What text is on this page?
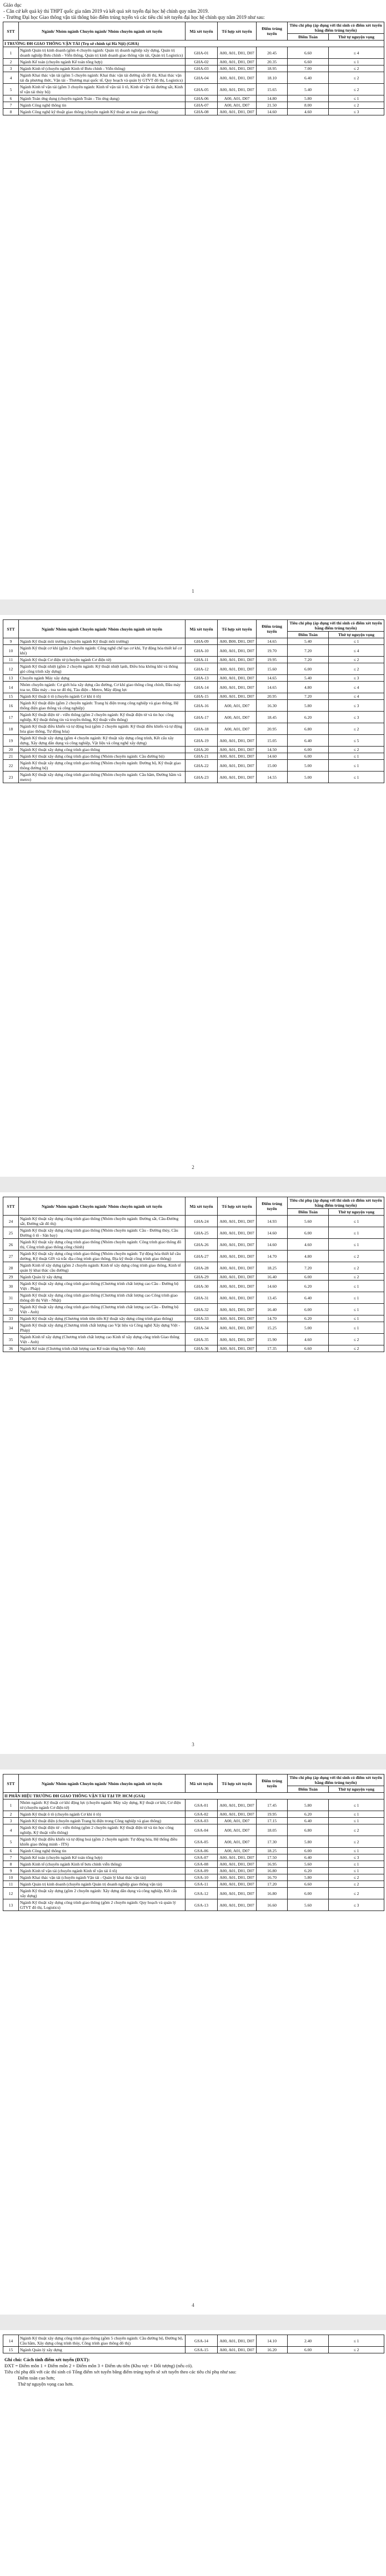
Giáo dục

- Căn cứ kết quả kỳ thi THPT quốc gia năm 2019 và kết quả xét tuyển đại học hệ chính quy năm 2019.

- Trường Đại học Giao thông vận tải thông báo điểm trúng tuyển và các tiêu chí xét tuyển đại học hệ chính quy năm 2019 như sau:

STT	Ngành/ Nhóm ngành Chuyên ngành/ Nhóm chuyên ngành xét tuyển	Mã xét tuyển	Tổ hợp xét tuyển	Điểm trúng tuyển	Tiêu chí phụ (áp dụng với thí sinh có điểm xét tuyển bằng điểm trúng tuyển)	
					Điểm Toán	Thứ tự nguyện vọng
I TRƯỜNG ĐH GIAO THÔNG VẬN TẢI (Trụ sở chính tại Hà Nội) (GHA)						
1	Ngành Quản trị kinh doanh (gồm 4 chuyên ngành: Quản trị doanh nghiệp xây dựng, Quản trị doanh nghiệp Bưu chính - Viễn thông, Quản trị kinh doanh giao thông vận tải, Quản trị Logistics)	GHA-01	A00, A01, D01, D07	20.45	6.60	≤ 4
2	Ngành Kế toán (chuyên ngành Kế toán tổng hợp)	GHA-02	A00, A01, D01, D07	20.35	6.60	≤ 1
3	Ngành Kinh tế (chuyên ngành Kinh tế Bưu chính - Viễn thông)	GHA-03	A00, A01, D01, D07	18.95	7.00	≤ 2
4	Ngành Khai thác vận tải (gồm 5 chuyên ngành: Khai thác vận tải đường sắt đô thị, Khai thác vận tải đa phương thức, Vận tải - Thương mại quốc tế, Quy hoạch và quản lý GTVT đô thị, Logistics)	GHA-04	A00, A01, D01, D07	18.10	6.40	≤ 2
5	Ngành Kinh tế vận tải (gồm 3 chuyên ngành: Kinh tế vận tải ô tô, Kinh tế vận tải đường sắt, Kinh tế vận tải thủy bộ)	GHA-05	A00, A01, D01, D07	15.65	5.40	≤ 2
6	Ngành Toán ứng dụng (chuyên ngành Toán - Tin ứng dụng)	GHA-06	A00, A01, D07	14.80	5.80	≤ 1
7	Ngành Công nghệ thông tin	GHA-07	A00, A01, D07	21.50	8.00	≤ 2
8	Ngành Công nghệ kỹ thuật giao thông (chuyên ngành Kỹ thuật an toàn giao thông)	GHA-08	A00, A01, D01, D07	14.60	4.60	≤ 3
1
STT	Ngành/ Nhóm ngành Chuyên ngành/ Nhóm chuyên ngành xét tuyển	Mã xét tuyển	Tổ hợp xét tuyển	Điểm trúng tuyển	Tiêu chí phụ (áp dụng với thí sinh có điểm xét tuyển bằng điểm trúng tuyển)	
					Điểm Toán	Thứ tự nguyện vọng
9	Ngành Kỹ thuật môi trường (chuyên ngành Kỹ thuật môi trường)	GHA-09	A00, B00, D01, D07	14.65	5.40	≤ 1
10	Ngành Kỹ thuật cơ khí (gồm 2 chuyên ngành: Công nghệ chế tạo cơ khí, Tự động hóa thiết kế cơ khí)	GHA-10	A00, A01, D01, D07	19.70	7.20	≤ 4
11	Ngành Kỹ thuật Cơ điện tử (chuyên ngành Cơ điện tử)	GHA-11	A00, A01, D01, D07	19.95	7.20	≤ 2
12	Ngành Kỹ thuật nhiệt (gồm 2 chuyên ngành: Kỹ thuật nhiệt lạnh, Điều hòa không khí và thông gió công trình xây dựng)	GHA-12	A00, A01, D01, D07	15.60	6.00	≤ 2
13	Chuyên ngành Máy xây dựng	GHA-13	A00, A01, D01, D07	14.65	5.40	≤ 3
14	Nhóm chuyên ngành: Cơ giới hóa xây dựng cầu đường, Cơ khí giao thông công chính, Đầu máy toa xe, Đầu máy - toa xe đô thị, Tàu điện - Metro, Máy động lực	GHA-14	A00, A01, D01, D07	14.65	4.80	≤ 4
15	Ngành Kỹ thuật ô tô (chuyên ngành Cơ khí ô tô)	GHA-15	A00, A01, D01, D07	20.95	7.20	≤ 4
16	Ngành Kỹ thuật điện (gồm 2 chuyên ngành: Trang bị điện trong công nghiệp và giao thông, Hệ thống điện giao thông và công nghiệp)	GHA-16	A00, A01, D07	16.30	5.80	≤ 3
17	Ngành Kỹ thuật điện tử - viễn thông (gồm 2 chuyên ngành: Kỹ thuật điện tử và tin học công nghiệp, Kỹ thuật thông tin và truyền thông, Kỹ thuật viễn thông)	GHA-17	A00, A01, D07	18.45	6.20	≤ 3
18	Ngành Kỹ thuật điều khiển và tự động hoá (gồm 2 chuyên ngành: Kỹ thuật điều khiển và tự động hóa giao thông, Tự động hóa)	GHA-18	A00, A01, D07	20.95	6.80	≤ 2
19	Ngành Kỹ thuật xây dựng (gồm 4 chuyên ngành: Kỹ thuật xây dựng công trình, Kết cấu xây dựng, Xây dựng dân dụng và công nghiệp, Vật liệu và công nghệ xây dựng)	GHA-19	A00, A01, D01, D07	15.05	6.40	≤ 5
20	Ngành Kỹ thuật xây dựng công trình giao thông	GHA-20	A00, A01, D01, D07	14.50	6.00	≤ 2
21	Ngành Kỹ thuật xây dựng công trình giao thông (Nhóm chuyên ngành: Cầu đường bộ)	GHA-21	A00, A01, D01, D07	14.60	6.00	≤ 1
22	Ngành Kỹ thuật xây dựng công trình giao thông (Nhóm chuyên ngành: Đường bộ, Kỹ thuật giao thông đường bộ)	GHA-22	A00, A01, D01, D07	15.00	5.00	≤ 1
23	Ngành Kỹ thuật xây dựng công trình giao thông (Nhóm chuyên ngành: Cầu hầm, Đường hầm và metro)	GHA-23	A00, A01, D01, D07	14.55	5.00	≤ 1
2
STT	Ngành/ Nhóm ngành Chuyên ngành/ Nhóm chuyên ngành xét tuyển	Mã xét tuyển	Tổ hợp xét tuyển	Điểm trúng tuyển	Tiêu chí phụ (áp dụng với thí sinh có điểm xét tuyển bằng điểm trúng tuyển)	
					Điểm Toán	Thứ tự nguyện vọng
24	Ngành Kỹ thuật xây dựng công trình giao thông (Nhóm chuyên ngành: Đường sắt, Cầu-Đường sắt, Đường sắt đô thị)	GHA-24	A00, A01, D01, D07	14.93	5.60	≤ 1
25	Ngành Kỹ thuật xây dựng công trình giao thông (Nhóm chuyên ngành: Cầu - Đường thủy, Cầu Đường ô tô - Sân bay)	GHA-25	A00, A01, D01, D07	14.60	6.00	≤ 1
26	Ngành Kỹ thuật xây dựng công trình giao thông (Nhóm chuyên ngành: Công trình giao thông đô thị, Công trình giao thông công chính)	GHA-26	A00, A01, D01, D07	14.60	4.60	≤ 1
27	Ngành Kỹ thuật xây dựng công trình giao thông (Nhóm chuyên ngành: Tự động hóa thiết kế cầu đường, Kỹ thuật GIS và trắc địa công trình giao thông, Địa kỹ thuật công trình giao thông)	GHA-27	A00, A01, D01, D07	14.70	4.80	≤ 2
28	Ngành Kinh tế xây dựng (gồm 2 chuyên ngành: Kinh tế xây dựng công trình giao thông, Kinh tế quản lý khai thác cầu đường)	GHA-28	A00, A01, D01, D07	18.25	7.20	≤ 2
29	Ngành Quản lý xây dựng	GHA-29	A00, A01, D01, D07	16.40	6.00	≤ 2
30	Ngành Kỹ thuật xây dựng công trình giao thông (Chương trình chất lượng cao Cầu - Đường bộ Việt - Pháp)	GHA-30	A00, A01, D01, D07	14.60	6.20	≤ 1
31	Ngành Kỹ thuật xây dựng công trình giao thông (Chương trình chất lượng cao Công trình giao thông đô thị Việt - Nhật)	GHA-31	A00, A01, D01, D07	13.45	6.40	≤ 1
32	Ngành Kỹ thuật xây dựng công trình giao thông (Chương trình chất lượng cao Cầu - Đường bộ Việt - Anh)	GHA-32	A00, A01, D01, D07	16.40	6.00	≤ 1
33	Ngành Kỹ thuật xây dựng (Chương trình tiên tiến Kỹ thuật xây dựng công trình giao thông)	GHA-33	A00, A01, D01, D07	14.70	6.20	≤ 1
34	Ngành Kỹ thuật xây dựng (Chương trình chất lượng cao Vật liệu và Công nghệ Xây dựng Việt - Pháp)	GHA-34	A00, A01, D01, D07	15.25	5.00	≤ 1
35	Ngành Kinh tế xây dựng (Chương trình chất lượng cao Kinh tế xây dựng công trình Giao thông Việt - Anh)	GHA-35	A00, A01, D01, D07	15.90	4.60	≤ 2
36	Ngành Kế toán (Chương trình chất lượng cao Kế toán tổng hợp Việt - Anh)	GHA-36	A00, A01, D01, D07	17.35	6.60	≤ 2
3
STT	Ngành/ Nhóm ngành Chuyên ngành/ Nhóm chuyên ngành xét tuyển	Mã xét tuyển	Tổ hợp xét tuyển	Điểm trúng tuyển	Tiêu chí phụ (áp dụng với thí sinh có điểm xét tuyển bằng điểm trúng tuyển)	
					Điểm Toán	Thứ tự nguyện vọng
II PHÂN HIỆU TRƯỜNG ĐH GIAO THÔNG VẬN TẢI TẠI TP. HCM (GSA)						
1	Nhóm ngành: Kỹ thuật cơ khí động lực (chuyên ngành: Máy xây dựng, Kỹ thuật cơ khí, Cơ điện tử (chuyên ngành Cơ điện tử)	GSA-01	A00, A01, D01, D07	17.45	5.80	≤ 1
2	Ngành Kỹ thuật ô tô (chuyên ngành Cơ khí ô tô)	GSA-02	A00, A01, D01, D07	19.95	6.20	≤ 1
3	Ngành Kỹ thuật điện (chuyên ngành Trang bị điện trong Công nghiệp và giao thông)	GSA-03	A00, A01, D07	17.15	6.40	≤ 1
4	Ngành Kỹ thuật điện tử - viễn thông (gồm 2 chuyên ngành: Kỹ thuật điện tử và tin học công nghiệp, Kỹ thuật viễn thông)	GSA-04	A00, A01, D07	18.05	6.80	≤ 2
5	Ngành Kỹ thuật điều khiển và tự động hoá (gồm 2 chuyên ngành: Tự động hóa, Hệ thống điều khiển giao thông minh - ITS)	GSA-05	A00, A01, D07	17.30	5.80	≤ 2
6	Ngành Công nghệ thông tin	GSA-06	A00, A01, D07	18.25	6.00	≤ 1
7	Ngành Kế toán (chuyên ngành Kế toán tổng hợp)	GSA-07	A00, A01, D01, D07	17.50	6.40	≤ 3
8	Ngành Kinh tế (chuyên ngành Kinh tế bưu chính viễn thông)	GSA-08	A00, A01, D01, D07	16.95	5.60	≤ 1
9	Ngành Kinh tế vận tải (chuyên ngành Kinh tế vận tải ô tô)	GSA-09	A00, A01, D01, D07	16.80	6.20	≤ 1
10	Ngành Khai thác vận tải (chuyên ngành Vận tải - Quản lý khai thác vận tải)	GSA-10	A00, A01, D01, D07	16.70	5.80	≤ 2
11	Ngành Quản trị kinh doanh (chuyên ngành Quản trị doanh nghiệp giao thông vận tải)	GSA-11	A00, A01, D01, D07	17.20	6.60	≤ 2
12	Ngành Kỹ thuật xây dựng (gồm 2 chuyên ngành: Xây dựng dân dụng và công nghiệp, Kết cấu xây dựng)	GSA-12	A00, A01, D01, D07	16.80	6.00	≤ 2
13	Ngành Kỹ thuật xây dựng công trình giao thông (gồm 2 chuyên ngành: Quy hoạch và quản lý GTVT đô thị, Logistics)	GSA-13	A00, A01, D01, D07	16.60	5.60	≤ 3
4
14	Ngành Kỹ thuật xây dựng công trình giao thông (gồm 5 chuyên ngành: Cầu đường bộ, Đường bộ, Cầu hầm, Xây dựng công trình thủy, Công trình giao thông đô thị)	GSA-14	A00, A01, D01, D07	14.10	2.40	≤ 1
15	Ngành Quản lý xây dựng	GSA-15	A00, A01, D01, D07	16.20	6.00	≤ 2

Ghi chú: Cách tính điểm xét tuyển (ĐXT):

ĐXT = Điểm môn 1 + Điểm môn 2 + Điểm môn 3 + Điểm ưu tiên (Khu vực + Đối tượng) (nếu có).

Tiêu chí phụ đối với các thí sinh có Tổng điểm xét tuyển bằng điểm trúng tuyển sẽ xét tuyển theo các tiêu chí phụ như sau:

Điểm toán cao hơn;

Thứ tự nguyện vọng cao hơn.
